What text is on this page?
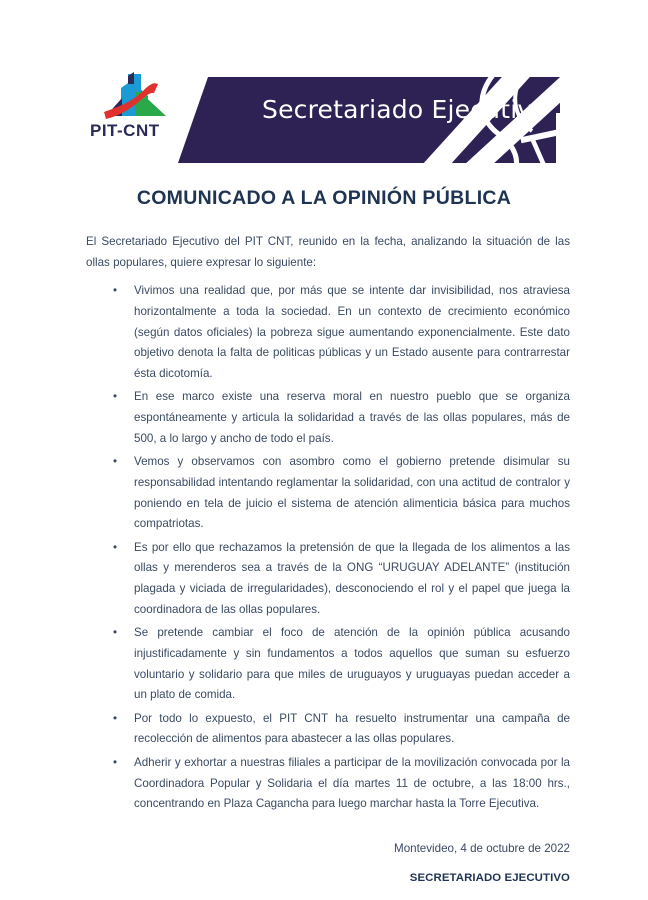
PIT-CNT
Secretariado Ejecutivo
COMUNICADO A LA OPINIÓN PÚBLICA

El Secretariado Ejecutivo del PIT CNT, reunido en la fecha, analizando la situación de las ollas populares, quiere expresar lo siguiente:

•	Vivimos una realidad que, por más que se intente dar invisibilidad, nos atraviesa horizontalmente a toda la sociedad. En un contexto de crecimiento económico (según datos oficiales) la pobreza sigue aumentando exponencialmente. Este dato objetivo denota la falta de politicas públicas y un Estado ausente para contrarrestar ésta dicotomía.
•	En ese marco existe una reserva moral en nuestro pueblo que se organiza espontáneamente y articula la solidaridad a través de las ollas populares, más de 500, a lo largo y ancho de todo el país.
•	Vemos y observamos con asombro como el gobierno pretende disimular su responsabilidad intentando reglamentar la solidaridad, con una actitud de contralor y poniendo en tela de juicio el sistema de atención alimenticia básica para muchos compatriotas.
•	Es por ello que rechazamos la pretensión de que la llegada de los alimentos a las ollas y merenderos sea a través de la ONG “URUGUAY ADELANTE” (institución plagada y viciada de irregularidades), desconociendo el rol y el papel que juega la coordinadora de las ollas populares.
•	Se pretende cambiar el foco de atención de la opinión pública acusando injustificadamente y sin fundamentos a todos aquellos que suman su esfuerzo voluntario y solidario para que miles de uruguayos y uruguayas puedan acceder a un plato de comida.
•	Por todo lo expuesto, el PIT CNT ha resuelto instrumentar una campaña de recolección de alimentos para abastecer a las ollas populares.
•	Adherir y exhortar a nuestras filiales a participar de la movilización convocada por la Coordinadora Popular y Solidaria el día martes 11 de octubre, a las 18:00 hrs., concentrando en Plaza Cagancha para luego marchar hasta la Torre Ejecutiva.
Montevideo, 4 de octubre de 2022
SECRETARIADO EJECUTIVO
